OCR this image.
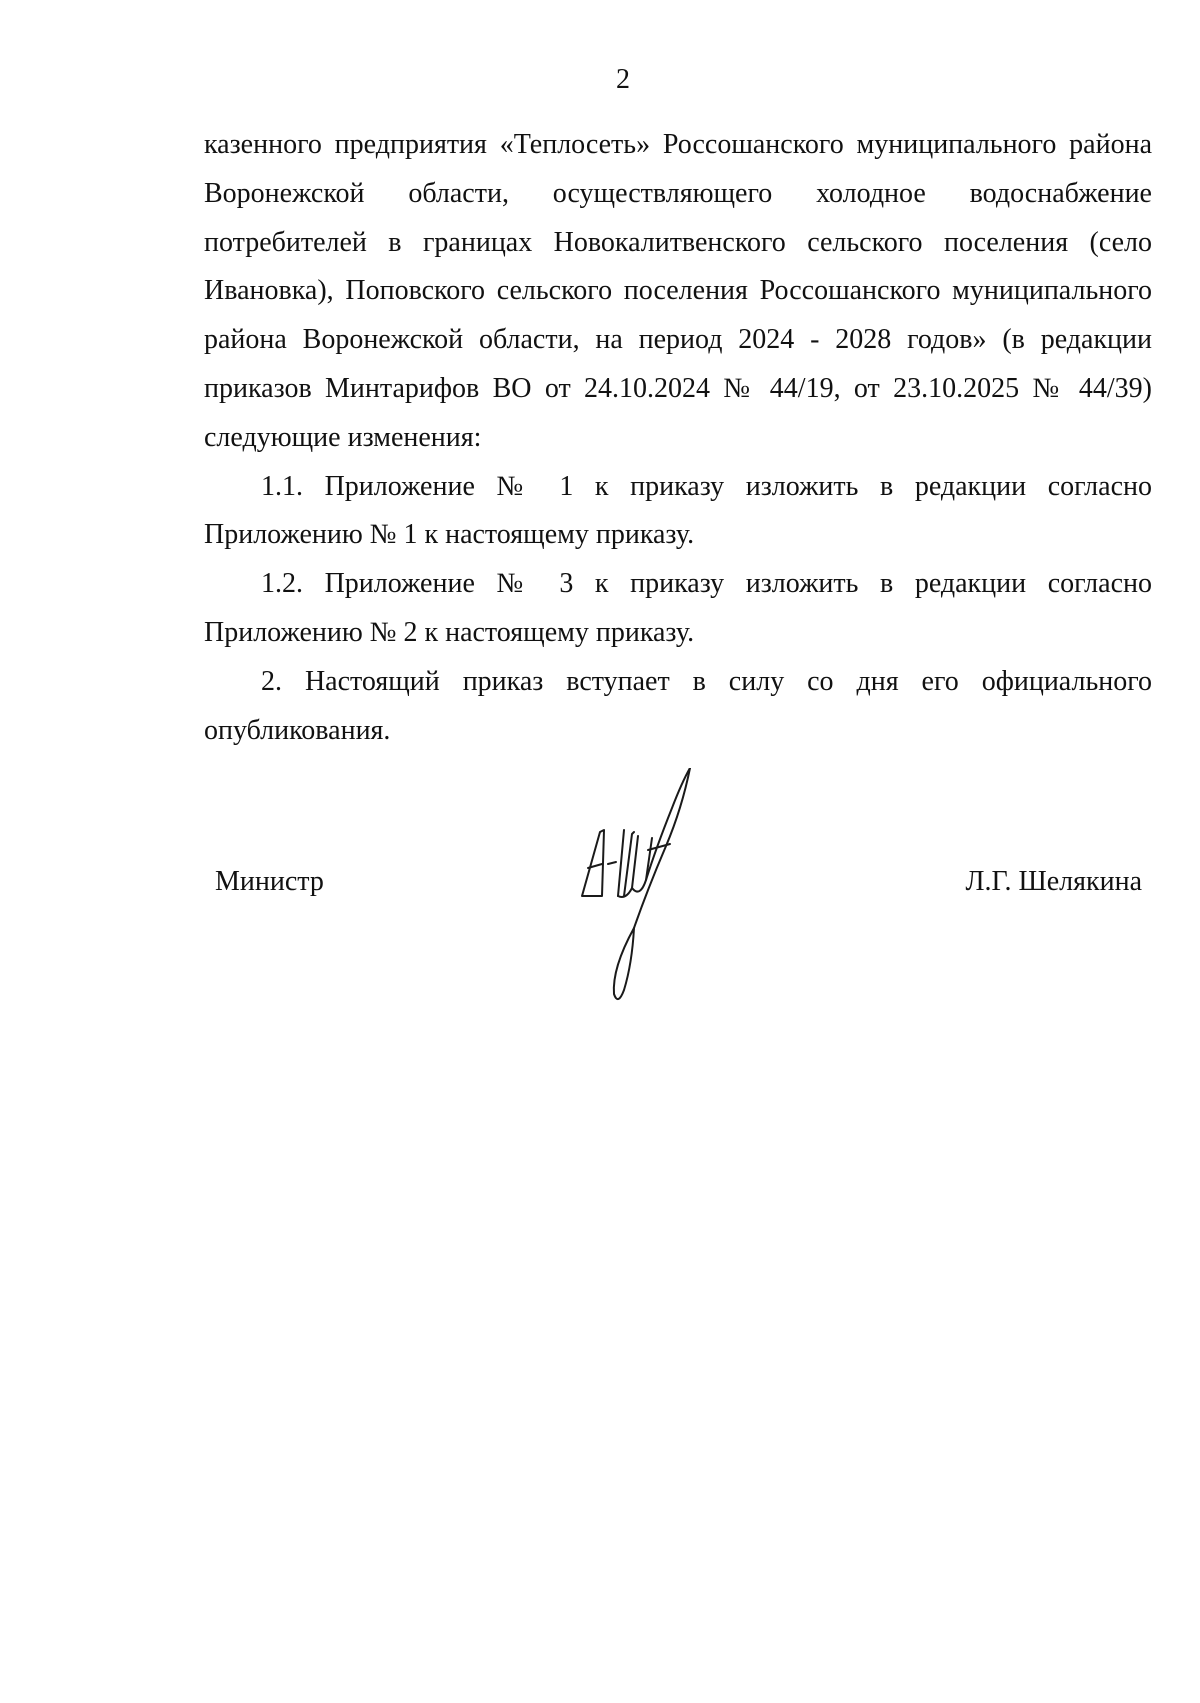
2

казенного предприятия «Теплосеть» Россошанского муниципального района Воронежской области, осуществляющего холодное водоснабжение потребителей в границах Новокалитвенского сельского поселения (село Ивановка), Поповского сельского поселения Россошанского муниципального района Воронежской области, на период 2024 - 2028 годов» (в редакции приказов Минтарифов ВО от 24.10.2024 № 44/19, от 23.10.2025 № 44/39) следующие изменения:

1.1. Приложение № 1 к приказу изложить в редакции согласно Приложению № 1 к настоящему приказу.

1.2. Приложение № 3 к приказу изложить в редакции согласно Приложению № 2 к настоящему приказу.

2. Настоящий приказ вступает в силу со дня его официального опубликования.

Министр	Л.Г. Шелякина
